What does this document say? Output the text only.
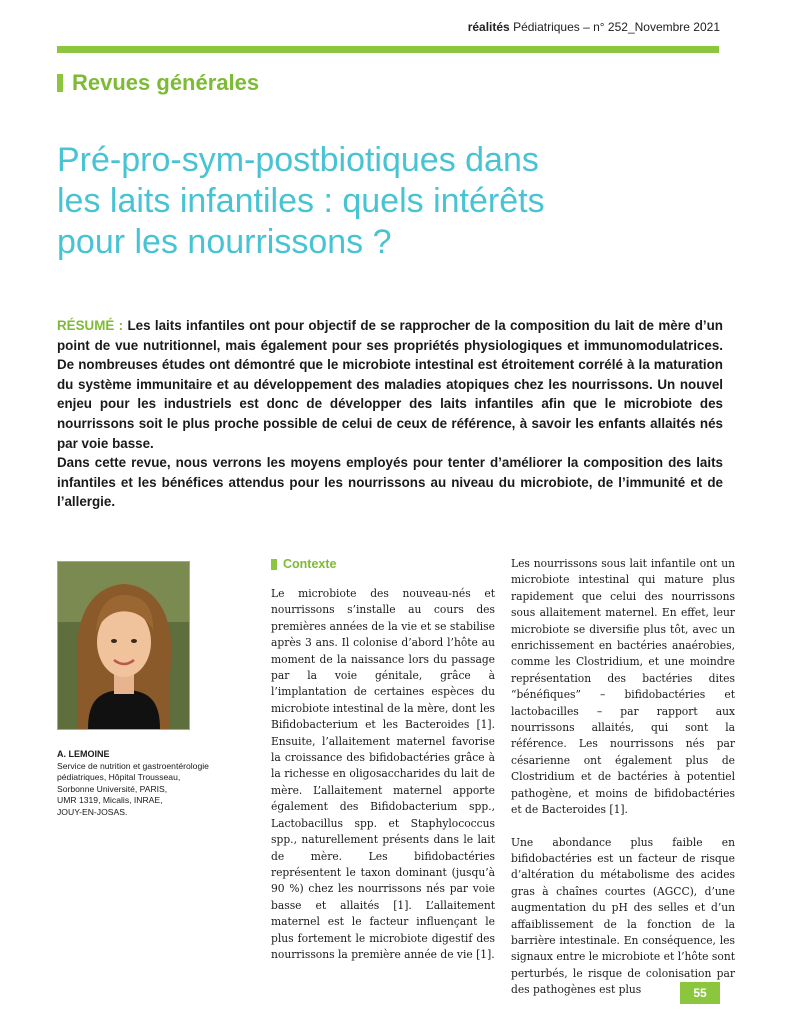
réalités Pédiatriques – n° 252_Novembre 2021
Revues générales
Pré-pro-sym-postbiotiques dans
les laits infantiles : quels intérêts
pour les nourrissons ?

RÉSUMÉ : Les laits infantiles ont pour objectif de se rapprocher de la composition du lait de mère d’un point de vue nutritionnel, mais également pour ses propriétés physiologiques et immunomodulatrices. De nombreuses études ont démontré que le microbiote intestinal est étroitement corrélé à la maturation du système immunitaire et au développement des maladies atopiques chez les nourrissons. Un nouvel enjeu pour les industriels est donc de développer des laits infantiles afin que le microbiote des nourrissons soit le plus proche possible de celui de ceux de référence, à savoir les enfants allaités nés par voie basse.

Dans cette revue, nous verrons les moyens employés pour tenter d’améliorer la composition des laits infantiles et les bénéfices attendus pour les nourrissons au niveau du microbiote, de l’immunité et de l’allergie.

A. LEMOINE
Service de nutrition et gastroentérologie
pédiatriques, Hôpital Trousseau,
Sorbonne Université, PARIS,
UMR 1319, Micalis, INRAE,
JOUY-EN-JOSAS.
Contexte

Le microbiote des nouveau-nés et nourrissons s’installe au cours des premières années de la vie et se stabilise après 3 ans. Il colonise d’abord l’hôte au moment de la naissance lors du passage par la voie génitale, grâce à l’implantation de certaines espèces du microbiote intestinal de la mère, dont les Bifidobacterium et les Bacteroides [1]. Ensuite, l’allaitement maternel favorise la croissance des bifidobactéries grâce à la richesse en oligosaccharides du lait de mère. L’allaitement maternel apporte également des Bifidobacterium spp., Lactobacillus spp. et Staphylococcus spp., naturellement présents dans le lait de mère. Les bifidobactéries représentent le taxon dominant (jusqu’à 90 %) chez les nourrissons nés par voie basse et allaités [1]. L’allaitement maternel est le facteur influençant le plus fortement le microbiote digestif des nourrissons la première année de vie [1].

Les nourrissons sous lait infantile ont un microbiote intestinal qui mature plus rapidement que celui des nourrissons sous allaitement maternel. En effet, leur microbiote se diversifie plus tôt, avec un enrichissement en bactéries anaérobies, comme les Clostridium, et une moindre représentation des bactéries dites “bénéfiques” – bifidobactéries et lactobacilles – par rapport aux nourrissons allaités, qui sont la référence. Les nourrissons nés par césarienne ont également plus de Clostridium et de bactéries à potentiel pathogène, et moins de bifidobactéries et de Bacteroides [1].

Une abondance plus faible en bifidobactéries est un facteur de risque d’altération du métabolisme des acides gras à chaînes courtes (AGCC), d’une augmentation du pH des selles et d’un affaiblissement de la fonction de la barrière intestinale. En conséquence, les signaux entre le microbiote et l’hôte sont perturbés, le risque de colonisation par des pathogènes est plus	55
